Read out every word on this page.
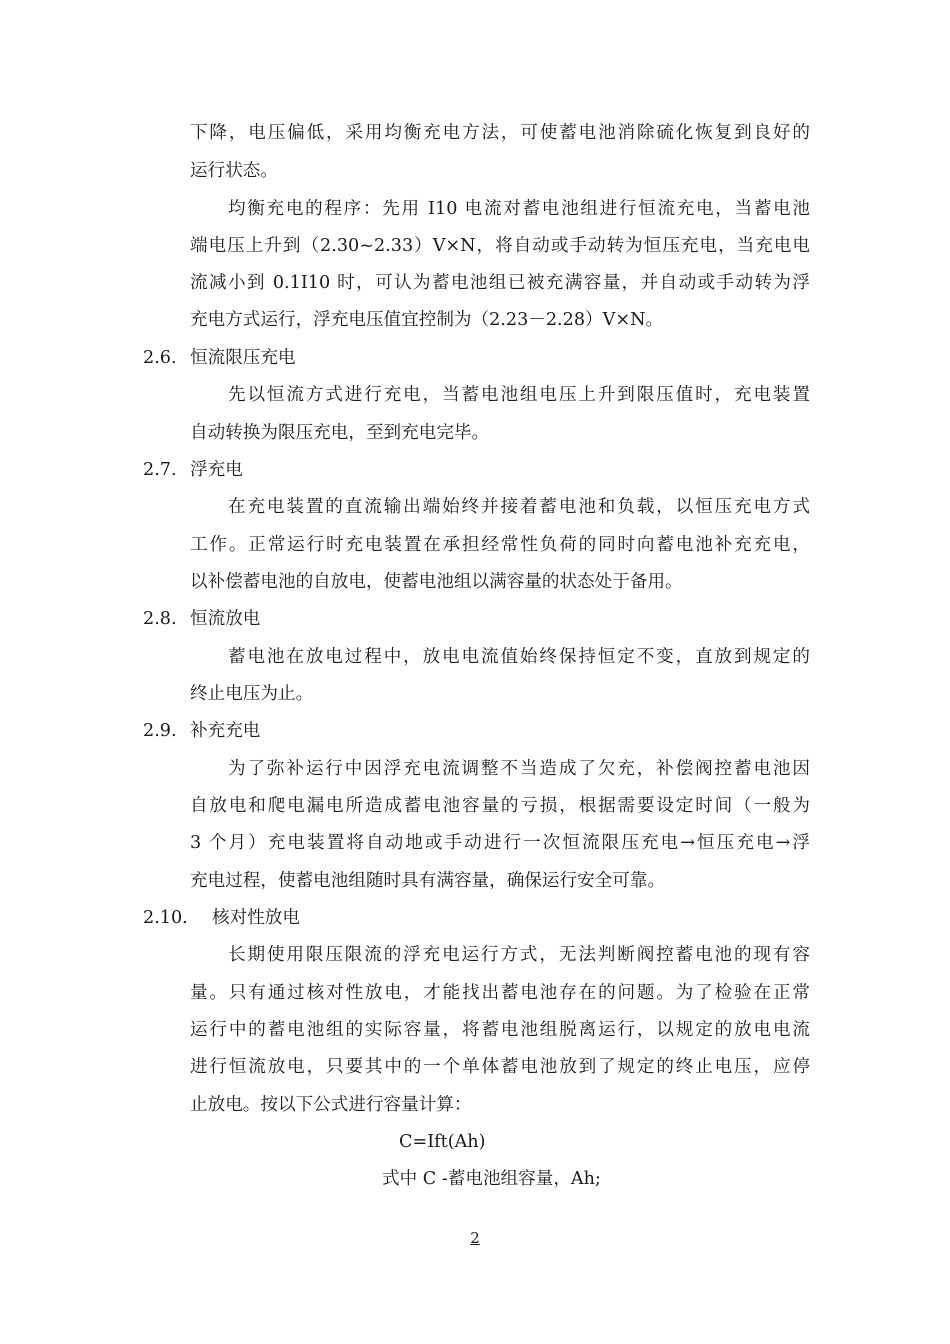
下降，电压偏低，采用均衡充电方法，可使蓄电池消除硫化恢复到良好的
运行状态。
均衡充电的程序：先用 I10 电流对蓄电池组进行恒流充电，当蓄电池
端电压上升到（2.30~2.33）V×N，将自动或手动转为恒压充电，当充电电
流减小到 0.1I10 时，可认为蓄电池组已被充满容量，并自动或手动转为浮
充电方式运行，浮充电压值宜控制为（2.23－2.28）V×N。
2.6. 恒流限压充电
先以恒流方式进行充电，当蓄电池组电压上升到限压值时，充电装置
自动转换为限压充电，至到充电完毕。
2.7. 浮充电
在充电装置的直流输出端始终并接着蓄电池和负载，以恒压充电方式
工作。正常运行时充电装置在承担经常性负荷的同时向蓄电池补充充电，
以补偿蓄电池的自放电，使蓄电池组以满容量的状态处于备用。
2.8. 恒流放电
蓄电池在放电过程中，放电电流值始终保持恒定不变，直放到规定的
终止电压为止。
2.9. 补充充电
为了弥补运行中因浮充电流调整不当造成了欠充，补偿阀控蓄电池因
自放电和爬电漏电所造成蓄电池容量的亏损，根据需要设定时间（一般为
3 个月）充电装置将自动地或手动进行一次恒流限压充电→恒压充电→浮
充电过程，使蓄电池组随时具有满容量，确保运行安全可靠。
2.10. 核对性放电
长期使用限压限流的浮充电运行方式，无法判断阀控蓄电池的现有容
量。只有通过核对性放电，才能找出蓄电池存在的问题。为了检验在正常
运行中的蓄电池组的实际容量，将蓄电池组脱离运行，以规定的放电电流
进行恒流放电，只要其中的一个单体蓄电池放到了规定的终止电压，应停
止放电。按以下公式进行容量计算：
C=Ift(Ah)
式中 C -蓄电池组容量，Ah;
2
